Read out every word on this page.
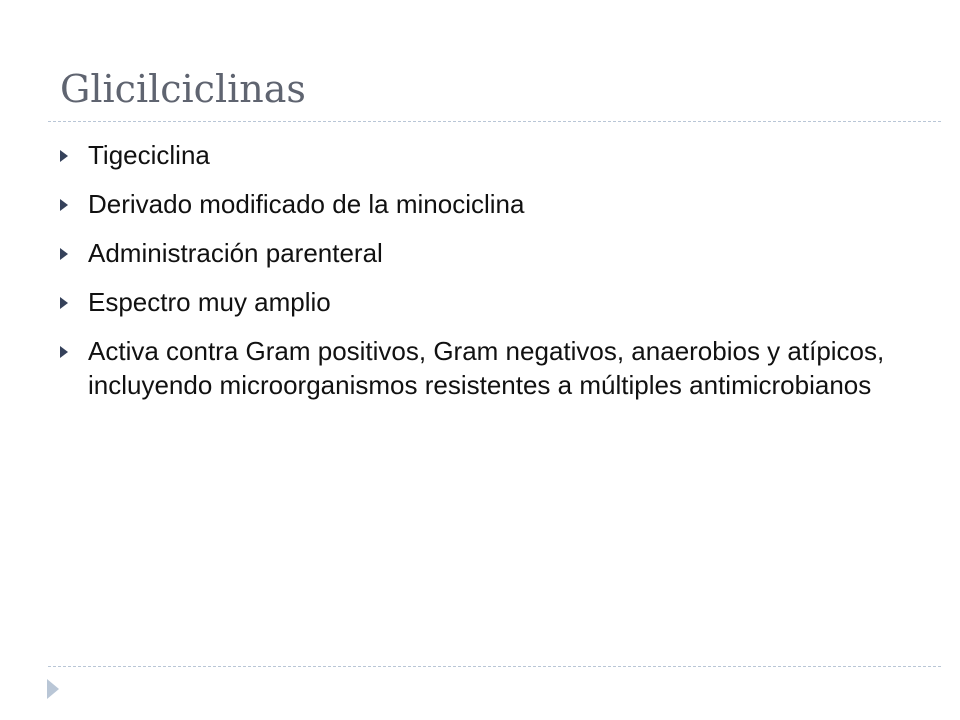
Glicilciclinas
Tigeciclina
Derivado modificado de la minociclina
Administración parenteral
Espectro muy amplio
Activa contra Gram positivos, Gram negativos, anaerobios y atípicos, incluyendo microorganismos resistentes a múltiples antimicrobianos
